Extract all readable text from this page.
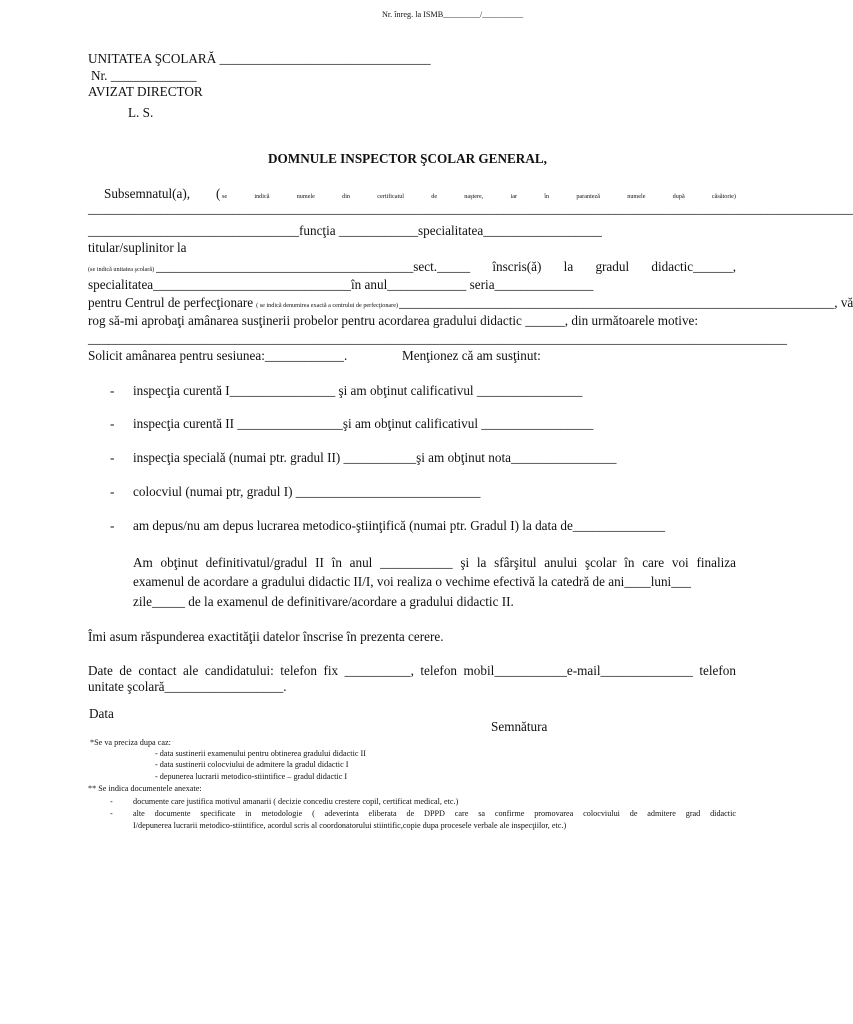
Nr. înreg. la ISMB_________/__________
UNITATEA ŞCOLARĂ ________________________________
Nr. _____________
AVIZAT DIRECTOR
L. S.
DOMNULE INSPECTOR ŞCOLAR GENERAL,
Subsemnatul(a), ( se	indică	numele	din	certificatul	de	naştere,	iar	în	paranteză	numele	după	căsătorie)
____________________________________________________________________________________________________________________
________________________________funcţia ____________specialitatea__________________
titular/suplinitor la
(se indică unitatea şcolară) _______________________________________sect._____ înscris(ă) la gradul didactic______,
specialitatea______________________________în anul____________ seria_______________
pentru Centrul de perfecţionare ( se indică denumirea exactă a centrului de perfecţionare) __________________________________________________________________, vă
rog să-mi aprobaţi amânarea susţinerii probelor pentru acordarea gradului didactic ______, din următoarele motive:
__________________________________________________________________________________________________________
Solicit amânarea pentru sesiunea:____________.	Menţionez că am susţinut:
- inspecţia curentă I________________ şi am obţinut calificativul ________________
- inspecţia curentă II ________________şi am obţinut calificativul _________________
- inspecţia specială (numai ptr. gradul II) ___________şi am obţinut nota________________
- colocviul (numai ptr, gradul I) ____________________________
- am depus/nu am depus lucrarea metodico-ştiinţifică (numai ptr. Gradul I) la data de______________
Am obţinut definitivatul/gradul II în anul ___________ şi la sfârşitul anului şcolar în care voi finaliza
examenul de acordare a gradului didactic II/I, voi realiza o vechime efectivă la catedră de ani____luni___
zile_____ de la examenul de definitivare/acordare a gradului didactic II.
Îmi asum răspunderea exactităţii datelor înscrise în prezenta cerere.
Date de contact ale candidatului: telefon fix __________, telefon mobil___________e-mail______________ telefon
unitate şcolară__________________.
Data
Semnătura
*Se va preciza dupa caz:
- data sustinerii examenului pentru obtinerea gradului didactic II
- data sustinerii colocviului de admitere la gradul didactic I
- depunerea lucrarii metodico-stiintifice – gradul didactic I
** Se indica documentele anexate:
- documente care justifica motivul amanarii ( decizie concediu crestere copil, certificat medical, etc.)
- alte documente specificate in metodologie ( adeverinta eliberata de DPPD care sa confirme promovarea colocviului de admitere grad didactic
I/depunerea lucrarii metodico-stiintifice, acordul scris al coordonatorului stiintific,copie dupa procesele verbale ale inspecţiilor, etc.)
